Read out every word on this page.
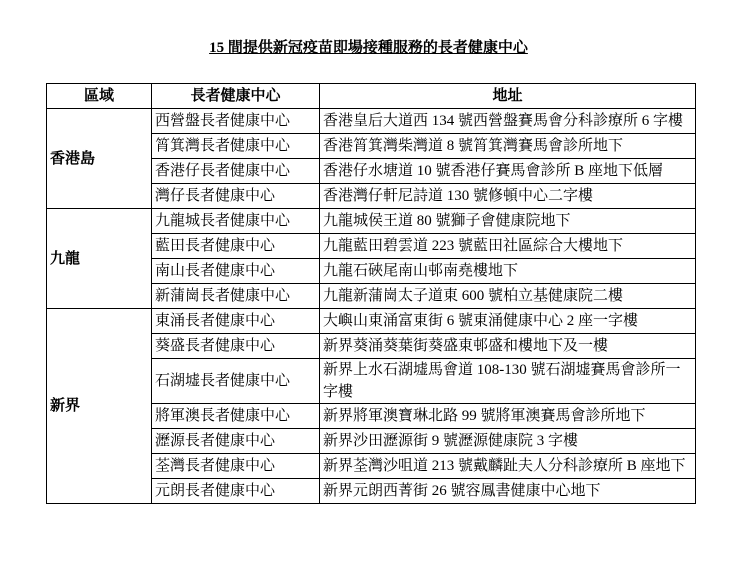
15 間提供新冠疫苗即場接種服務的長者健康中心
區域	長者健康中心	地址
香港島	西營盤長者健康中心	香港皇后大道西 134 號西營盤賽馬會分科診療所 6 字樓
	筲箕灣長者健康中心	香港筲箕灣柴灣道 8 號筲箕灣賽馬會診所地下
	香港仔長者健康中心	香港仔水塘道 10 號香港仔賽馬會診所 B 座地下低層
	灣仔長者健康中心	香港灣仔軒尼詩道 130 號修頓中心二字樓
九龍	九龍城長者健康中心	九龍城侯王道 80 號獅子會健康院地下
	藍田長者健康中心	九龍藍田碧雲道 223 號藍田社區綜合大樓地下
	南山長者健康中心	九龍石硤尾南山邨南堯樓地下
	新蒲崗長者健康中心	九龍新蒲崗太子道東 600 號柏立基健康院二樓
新界	東涌長者健康中心	大嶼山東涌富東街 6 號東涌健康中心 2 座一字樓
	葵盛長者健康中心	新界葵涌葵葉街葵盛東邨盛和樓地下及一樓
	石湖墟長者健康中心	新界上水石湖墟馬會道 108-130 號石湖墟賽馬會診所一字樓
	將軍澳長者健康中心	新界將軍澳寶琳北路 99 號將軍澳賽馬會診所地下
	瀝源長者健康中心	新界沙田瀝源街 9 號瀝源健康院 3 字樓
	荃灣長者健康中心	新界荃灣沙咀道 213 號戴麟趾夫人分科診療所 B 座地下
	元朗長者健康中心	新界元朗西菁街 26 號容鳳書健康中心地下
